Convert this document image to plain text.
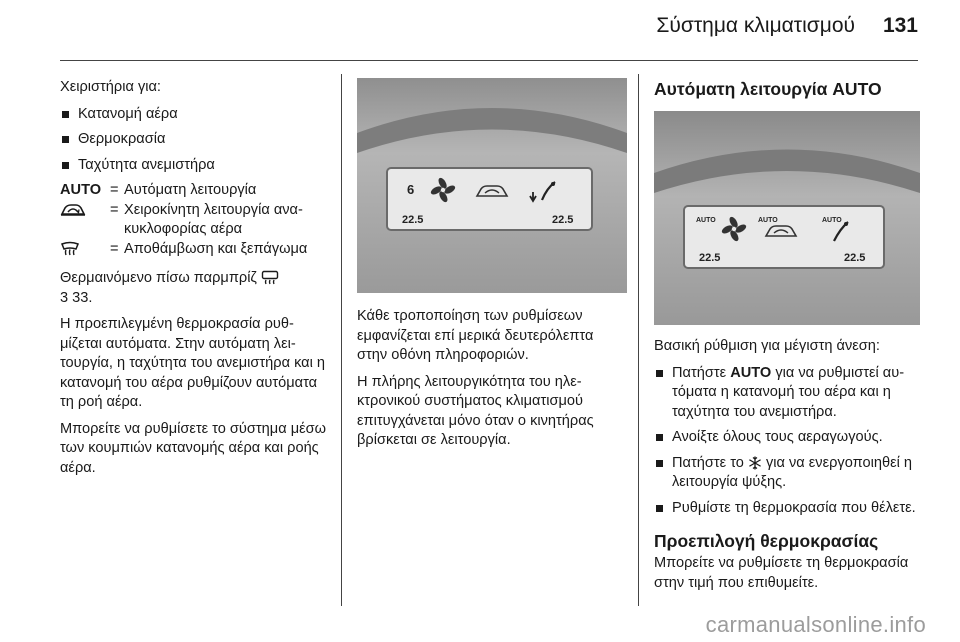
Σύστημα κλιματισμού 131

Χειριστήρια για:

Κατανομή αέρα
Θερμοκρασία
Ταχύτητα ανεμιστήρα
AUTO = Αυτόματη λειτουργία
= Χειροκίνητη λειτουργία ανακυκλοφορίας αέρα
= Αποθάμβωση και ξεπάγωμα

Θερμαινόμενο πίσω παρμπρίζ
3 33.

Η προεπιλεγμένη θερμοκρασία ρυθμίζεται αυτόματα. Στην αυτόματη λειτουργία, η ταχύτητα του ανεμιστήρα και η κατανομή του αέρα ρυθμίζουν αυτόματα τη ροή αέρα.

Μπορείτε να ρυθμίσετε το σύστημα μέσω των κουμπιών κατανομής αέρα και ροής αέρα.

6
22.5	22.5

Κάθε τροποποίηση των ρυθμίσεων εμφανίζεται επί μερικά δευτερόλεπτα στην οθόνη πληροφοριών.

Η πλήρης λειτουργικότητα του ηλεκτρονικού συστήματος κλιματισμού επιτυγχάνεται μόνο όταν ο κινητήρας βρίσκεται σε λειτουργία.

Αυτόματη λειτουργία AUTO
AUTO	AUTO	AUTO
22.5	22.5

Βασική ρύθμιση για μέγιστη άνεση:

Πατήστε AUTO για να ρυθμιστεί αυτόματα η κατανομή του αέρα και η ταχύτητα του ανεμιστήρα.
Ανοίξτε όλους τους αεραγωγούς.
Πατήστε το  για να ενεργοποιηθεί η λειτουργία ψύξης.
Ρυθμίστε τη θερμοκρασία που θέλετε.
Προεπιλογή θερμοκρασίας

Μπορείτε να ρυθμίσετε τη θερμοκρασία στην τιμή που επιθυμείτε.

carmanualsonline.info
